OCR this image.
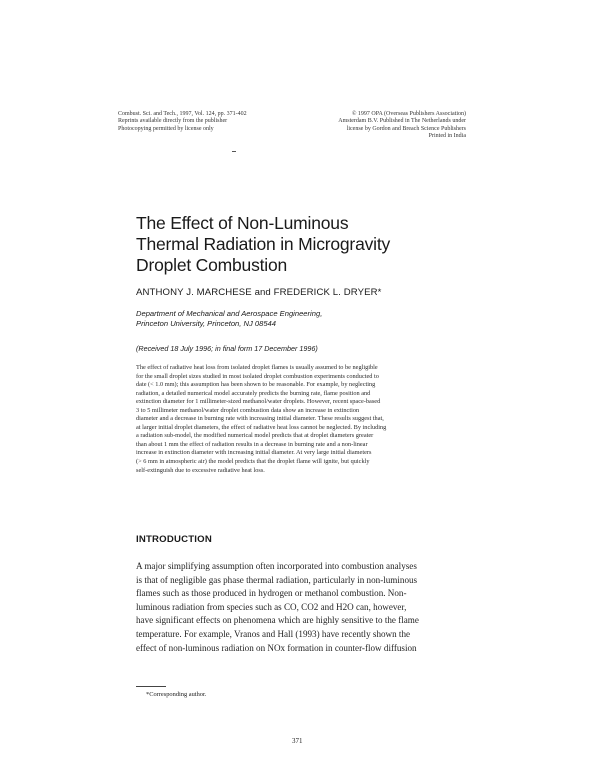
Combust. Sci. and Tech., 1997, Vol. 124, pp. 371-402
Reprints available directly from the publisher
Photocopying permitted by license only
© 1997 OPA (Overseas Publishers Association)
Amsterdam B.V. Published in The Netherlands under
license by Gordon and Breach Science Publishers
Printed in India
The Effect of Non-Luminous
Thermal Radiation in Microgravity
Droplet Combustion
ANTHONY J. MARCHESE and FREDERICK L. DRYER*
Department of Mechanical and Aerospace Engineering,
Princeton University, Princeton, NJ 08544
(Received 18 July 1996; in final form 17 December 1996)
The effect of radiative heat loss from isolated droplet flames is usually assumed to be negligible
for the small droplet sizes studied in most isolated droplet combustion experiments conducted to
date (< 1.0 mm); this assumption has been shown to be reasonable. For example, by neglecting
radiation, a detailed numerical model accurately predicts the burning rate, flame position and
extinction diameter for 1 millimeter-sized methanol/water droplets. However, recent space-based
3 to 5 millimeter methanol/water droplet combustion data show an increase in extinction
diameter and a decrease in burning rate with increasing initial diameter. These results suggest that,
at larger initial droplet diameters, the effect of radiative heat loss cannot be neglected. By including
a radiation sub-model, the modified numerical model predicts that at droplet diameters greater
than about 1 mm the effect of radiation results in a decrease in burning rate and a non-linear
increase in extinction diameter with increasing initial diameter. At very large initial diameters
(> 6 mm in atmospheric air) the model predicts that the droplet flame will ignite, but quickly
self-extinguish due to excessive radiative heat loss.
INTRODUCTION
A major simplifying assumption often incorporated into combustion analyses
is that of negligible gas phase thermal radiation, particularly in non-luminous
flames such as those produced in hydrogen or methanol combustion. Non-
luminous radiation from species such as CO, CO2 and H2O can, however,
have significant effects on phenomena which are highly sensitive to the flame
temperature. For example, Vranos and Hall (1993) have recently shown the
effect of non-luminous radiation on NOx formation in counter-flow diffusion
*Corresponding author.
371
